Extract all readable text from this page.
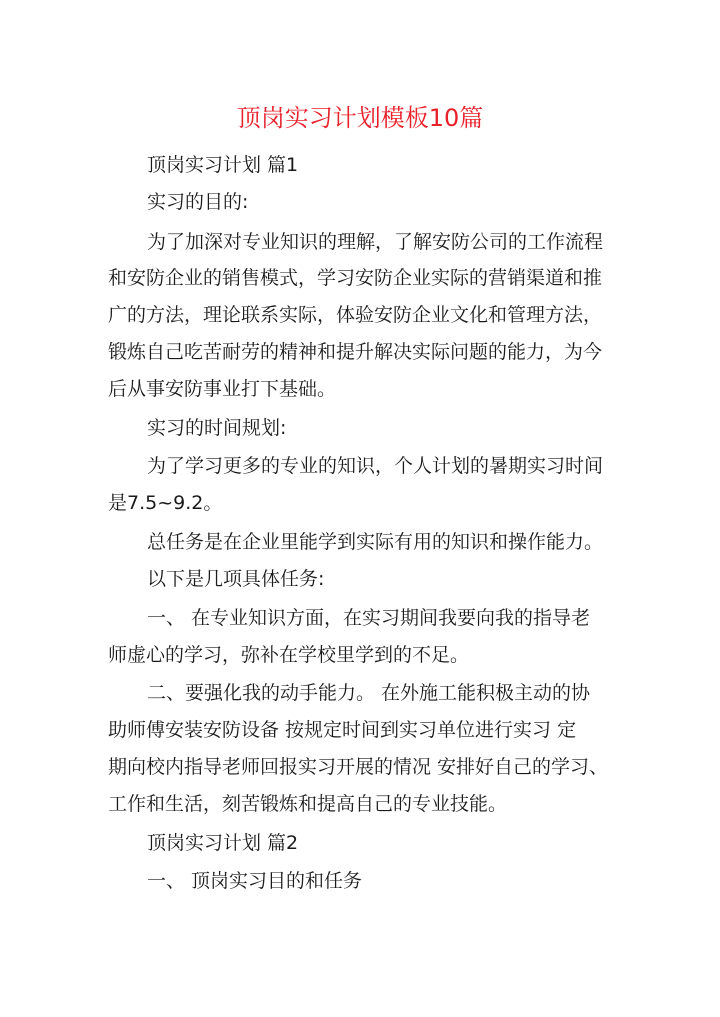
顶岗实习计划模板10篇
顶岗实习计划 篇1
实习的目的:
为了加深对专业知识的理解，了解安防公司的工作流程
和安防企业的销售模式，学习安防企业实际的营销渠道和推
广的方法，理论联系实际，体验安防企业文化和管理方法，
锻炼自己吃苦耐劳的精神和提升解决实际问题的能力，为今
后从事安防事业打下基础。
实习的时间规划:
为了学习更多的专业的知识，个人计划的暑期实习时间
是7.5~9.2。
总任务是在企业里能学到实际有用的知识和操作能力。
以下是几项具体任务:
一、 在专业知识方面，在实习期间我要向我的指导老
师虚心的学习，弥补在学校里学到的不足。
二、要强化我的动手能力。 在外施工能积极主动的协
助师傅安装安防设备 按规定时间到实习单位进行实习 定
期向校内指导老师回报实习开展的情况 安排好自己的学习、
工作和生活，刻苦锻炼和提高自己的专业技能。
顶岗实习计划 篇2
一、 顶岗实习目的和任务
